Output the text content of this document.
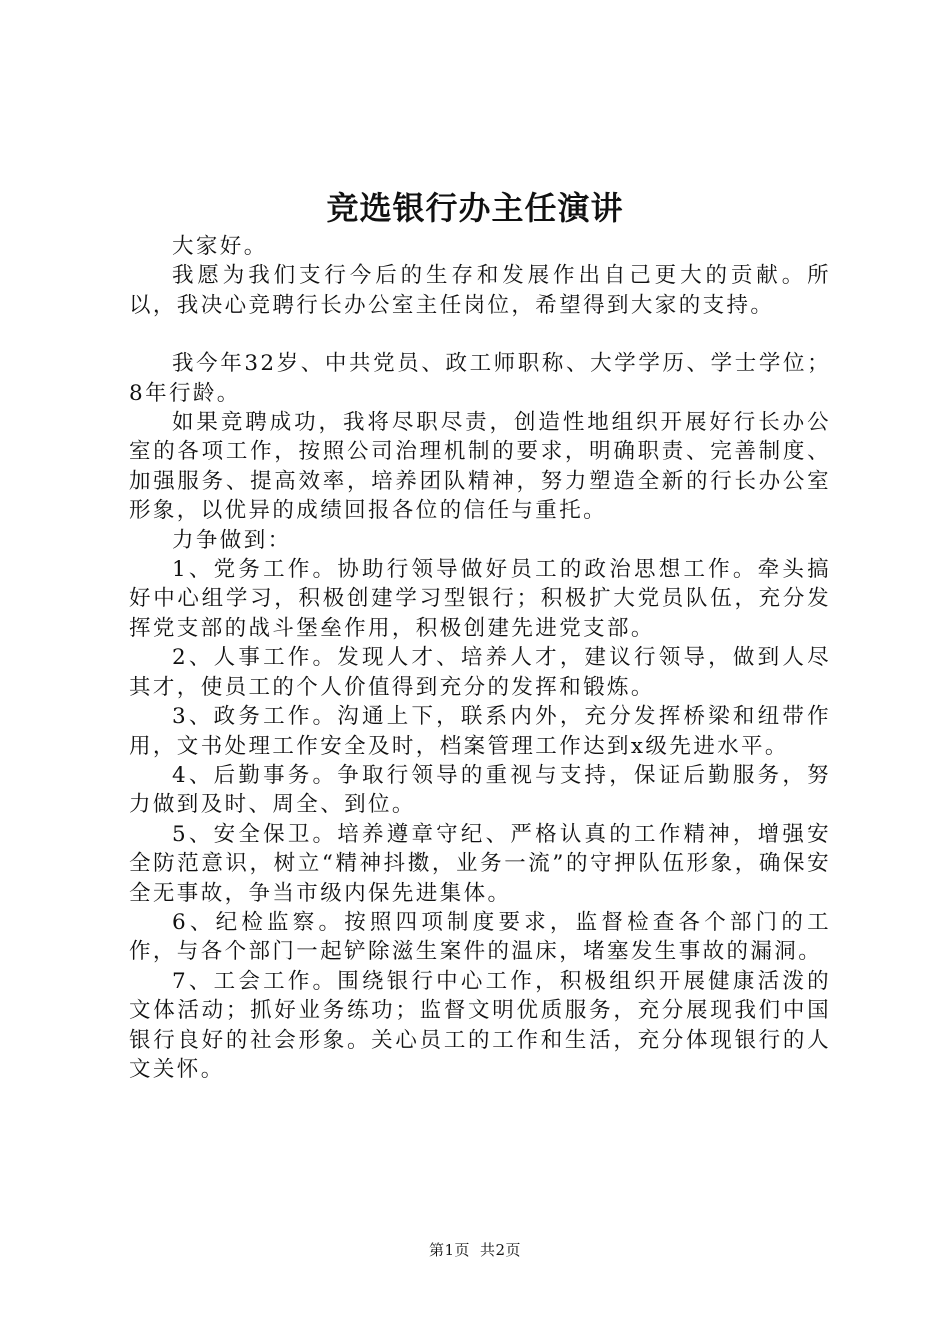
竞选银行办主任演讲

大家好。

我愿为我们支行今后的生存和发展作出自己更大的贡献。所以，我决心竞聘行长办公室主任岗位，希望得到大家的支持。

我今年32岁、中共党员、政工师职称、大学学历、学士学位；8年行龄。

如果竞聘成功，我将尽职尽责，创造性地组织开展好行长办公室的各项工作，按照公司治理机制的要求，明确职责、完善制度、加强服务、提高效率，培养团队精神，努力塑造全新的行长办公室形象，以优异的成绩回报各位的信任与重托。

力争做到：

1、党务工作。协助行领导做好员工的政治思想工作。牵头搞好中心组学习，积极创建学习型银行；积极扩大党员队伍，充分发挥党支部的战斗堡垒作用，积极创建先进党支部。

2、人事工作。发现人才、培养人才，建议行领导，做到人尽其才，使员工的个人价值得到充分的发挥和锻炼。

3、政务工作。沟通上下，联系内外，充分发挥桥梁和纽带作用，文书处理工作安全及时，档案管理工作达到x级先进水平。

4、后勤事务。争取行领导的重视与支持，保证后勤服务，努力做到及时、周全、到位。

5、安全保卫。培养遵章守纪、严格认真的工作精神，增强安全防范意识，树立“精神抖擞，业务一流”的守押队伍形象，确保安全无事故，争当市级内保先进集体。

6、纪检监察。按照四项制度要求，监督检查各个部门的工作，与各个部门一起铲除滋生案件的温床，堵塞发生事故的漏洞。

7、工会工作。围绕银行中心工作，积极组织开展健康活泼的文体活动；抓好业务练功；监督文明优质服务，充分展现我们中国银行良好的社会形象。关心员工的工作和生活，充分体现银行的人文关怀。

第1页 共2页
